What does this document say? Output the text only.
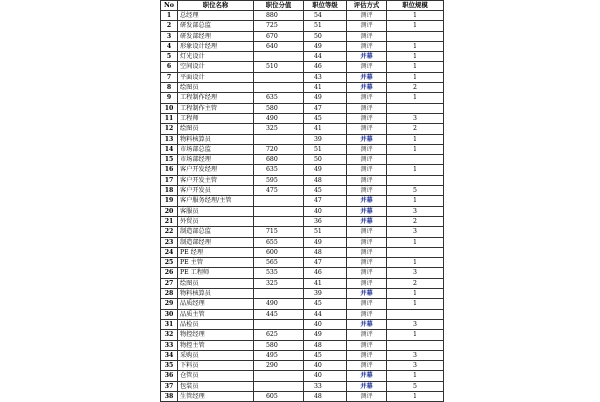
No	职位名称	职位分值	职位等级	评估方式	职位规模
1	总经理	880	54	测评	1
2	研发部总监	725	51	测评	1
3	研发部经理	670	50	测评	
4	形象设计经理	640	49	测评	1
5	灯光设计		44	并幕	1
6	空间设计	510	46	测评	1
7	平面设计		43	并幕	1
8	绘图员		41	并幕	2
9	工程制作经理	635	49	测评	1
10	工程制作主管	580	47	测评	
11	工程师	490	45	测评	3
12	绘图员	325	41	测评	2
13	物料核算员		39	并幕	1
14	市场部总监	720	51	测评	1
15	市场部经理	680	50	测评	
16	客户开发经理	635	49	测评	1
17	客户开发主管	595	48	测评	
18	客户开发员	475	45	测评	5
19	客户服务经理/主管		47	并幕	1
20	客服员		40	并幕	3
21	外贸员		36	并幕	2
22	制造部总监	715	51	测评	3
23	制造部经理	655	49	测评	1
24	PE 经理	600	48	测评	
25	PE 主管	565	47	测评	1
26	PE 工程师	535	46	测评	3
27	绘图员	325	41	测评	2
28	物料核算员		39	并幕	1
29	品质经理	490	45	测评	1
30	品质主管	445	44	测评	
31	品检员		40	并幕	3
32	物控经理	625	49	测评	1
33	物控主管	580	48	测评	
34	采购员	495	45	测评	3
35	下料员	290	40	测评	3
36	仓管员		40	并幕	1
37	包装员		33	并幕	5
38	生管经理	605	48	测评	1
